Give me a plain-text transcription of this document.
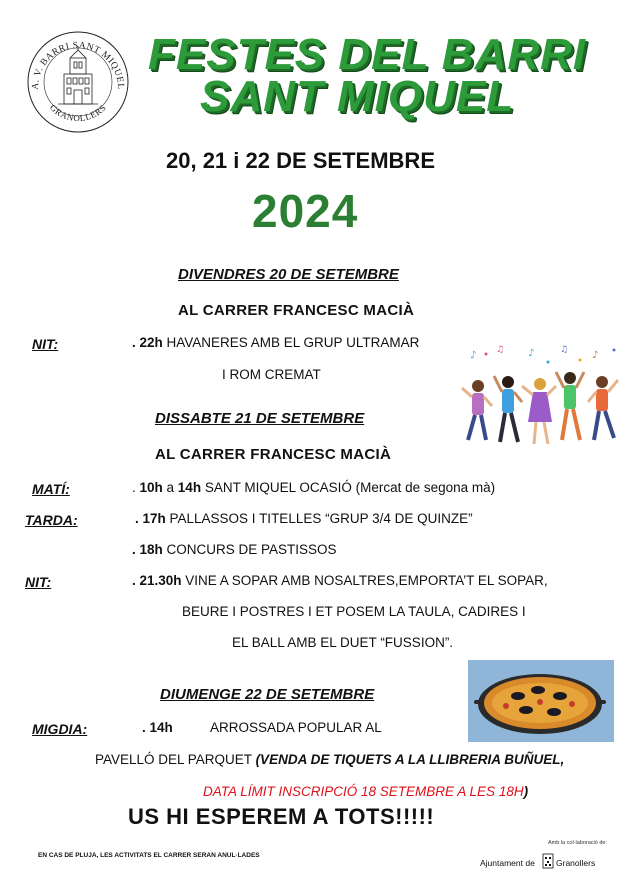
A. V. BARRI SANT MIQUEL
GRANOLLERS
FESTES DEL BARRI
SANT MIQUEL
20, 21 i 22 DE SETEMBRE
2024
DIVENDRES 20 DE SETEMBRE
AL CARRER FRANCESC MACIÀ
NIT:	. 22h HAVANERES AMB EL GRUP ULTRAMAR
I ROM CREMAT
♪ ♫ ♪	♫ ♪
DISSABTE 21 DE SETEMBRE
AL CARRER FRANCESC MACIÀ
MATÍ:	. 10h a 14h SANT MIQUEL OCASIÓ (Mercat de segona mà)
TARDA:	. 17h PALLASSOS I TITELLES “GRUP 3/4 DE QUINZE”
. 18h CONCURS DE PASTISSOS
NIT:	. 21.30h VINE A SOPAR AMB NOSALTRES,EMPORTA’T EL SOPAR,
BEURE I POSTRES I ET POSEM LA TAULA, CADIRES I
EL BALL AMB EL DUET “FUSSION”.
DIUMENGE 22 DE SETEMBRE
MIGDIA:	. 14h	ARROSSADA POPULAR AL
PAVELLÓ DEL PARQUET (VENDA DE TIQUETS A LA LLIBRERIA BUÑUEL,
DATA LÍMIT INSCRIPCIÓ 18 SETEMBRE A LES 18H)
US HI ESPEREM A TOTS!!!!!
EN CAS DE PLUJA, LES ACTIVITATS EL CARRER SERAN ANUL·LADES
Amb la col·laboració de:
Ajuntament de Granollers
